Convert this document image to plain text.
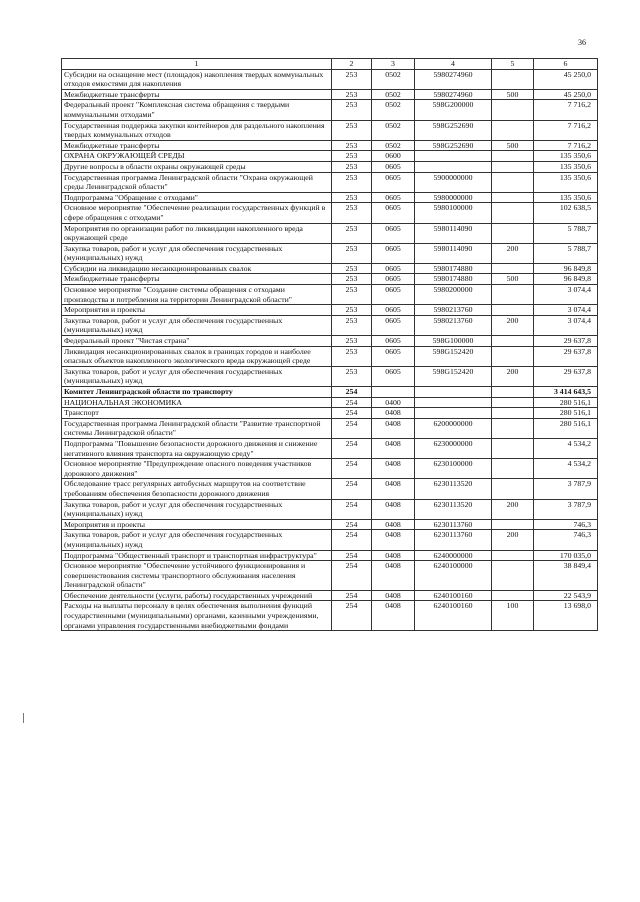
36
1	2	3	4	5	6
Субсидии на оснащение мест (площадок) накопления твердых коммунальных отходов емкостями для накопления	253	0502	5980274960		45 250,0
Межбюджетные трансферты	253	0502	5980274960	500	45 250,0
Федеральный проект "Комплексная система обращения с твердыми коммунальными отходами"	253	0502	598G200000		7 716,2
Государственная поддержка закупки контейнеров для раздельного накопления твердых коммунальных отходов	253	0502	598G252690		7 716,2
Межбюджетные трансферты	253	0502	598G252690	500	7 716,2
ОХРАНА ОКРУЖАЮЩЕЙ СРЕДЫ	253	0600			135 350,6
Другие вопросы в области охраны окружающей среды	253	0605			135 350,6
Государственная программа Ленинградской области "Охрана окружающей среды Ленинградской области"	253	0605	5900000000		135 350,6
Подпрограмма "Обращение с отходами"	253	0605	5980000000		135 350,6
Основное мероприятие "Обеспечение реализации государственных функций в сфере обращения с отходами"	253	0605	5980100000		102 638,5
Мероприятия по организации работ по ликвидации накопленного вреда окружающей среде	253	0605	5980114090		5 788,7
Закупка товаров, работ и услуг для обеспечения государственных (муниципальных) нужд	253	0605	5980114090	200	5 788,7
Субсидии на ликвидацию несанкционированных свалок	253	0605	5980174880		96 849,8
Межбюджетные трансферты	253	0605	5980174880	500	96 849,8
Основное мероприятие "Создание системы обращения с отходами производства и потребления на территории Ленинградской области"	253	0605	5980200000		3 074,4
Мероприятия и проекты	253	0605	5980213760		3 074,4
Закупка товаров, работ и услуг для обеспечения государственных (муниципальных) нужд	253	0605	5980213760	200	3 074,4
Федеральный проект "Чистая страна"	253	0605	598G100000		29 637,8
Ликвидация несанкционированных свалок в границах городов и наиболее опасных объектов накопленного экологического вреда окружающей среде	253	0605	598G152420		29 637,8
Закупка товаров, работ и услуг для обеспечения государственных (муниципальных) нужд	253	0605	598G152420	200	29 637,8
Комитет Ленинградской области по транспорту	254				3 414 643,5
НАЦИОНАЛЬНАЯ ЭКОНОМИКА	254	0400			280 516,1
Транспорт	254	0408			280 516,1
Государственная программа Ленинградской области "Развитие транспортной системы Ленинградской области"	254	0408	6200000000		280 516,1
Подпрограмма "Повышение безопасности дорожного движения и снижение негативного влияния транспорта на окружающую среду"	254	0408	6230000000		4 534,2
Основное мероприятие "Предупреждение опасного поведения участников дорожного движения"	254	0408	6230100000		4 534,2
Обследование трасс регулярных автобусных маршрутов на соответствие требованиям обеспечения безопасности дорожного движения	254	0408	6230113520		3 787,9
Закупка товаров, работ и услуг для обеспечения государственных (муниципальных) нужд	254	0408	6230113520	200	3 787,9
Мероприятия и проекты	254	0408	6230113760		746,3
Закупка товаров, работ и услуг для обеспечения государственных (муниципальных) нужд	254	0408	6230113760	200	746,3
Подпрограмма "Общественный транспорт и транспортная инфраструктура"	254	0408	6240000000		170 035,0
Основное мероприятие "Обеспечение устойчивого функционирования и совершенствования системы транспортного обслуживания населения Ленинградской области"	254	0408	6240100000		38 849,4
Обеспечение деятельности (услуги, работы) государственных учреждений	254	0408	6240100160		22 543,9
Расходы на выплаты персоналу в целях обеспечения выполнения функций государственными (муниципальными) органами, казенными учреждениями, органами управления государственными внебюджетными фондами	254	0408	6240100160	100	13 698,0
